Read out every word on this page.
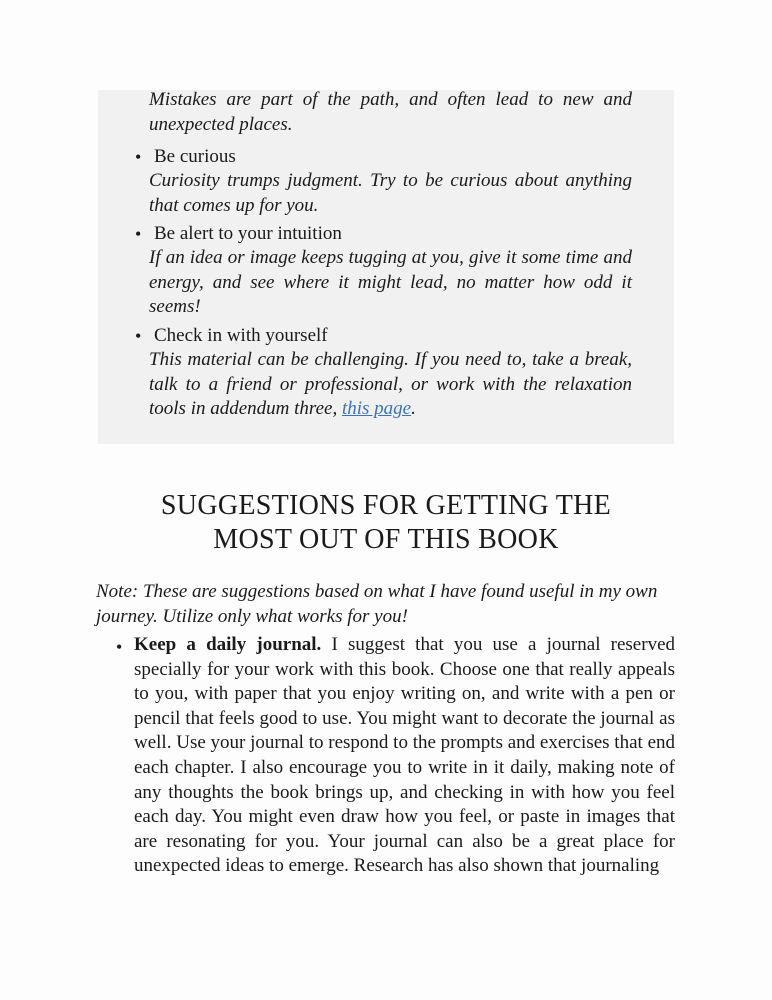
Mistakes are part of the path, and often lead to new and unexpected places.

• Be curious

Curiosity trumps judgment. Try to be curious about anything that comes up for you.

• Be alert to your intuition

If an idea or image keeps tugging at you, give it some time and energy, and see where it might lead, no matter how odd it seems!

• Check in with yourself

This material can be challenging. If you need to, take a break, talk to a friend or professional, or work with the relaxation tools in addendum three, this page.

SUGGESTIONS FOR GETTING THE
MOST OUT OF THIS BOOK

Note: These are suggestions based on what I have found useful in my own journey. Utilize only what works for you!

• Keep a daily journal. I suggest that you use a journal reserved specially for your work with this book. Choose one that really appeals to you, with paper that you enjoy writing on, and write with a pen or pencil that feels good to use. You might want to decorate the journal as well. Use your journal to respond to the prompts and exercises that end each chapter. I also encourage you to write in it daily, making note of any thoughts the book brings up, and checking in with how you feel each day. You might even draw how you feel, or paste in images that are resonating for you. Your journal can also be a great place for unexpected ideas to emerge. Research has also shown that journaling
